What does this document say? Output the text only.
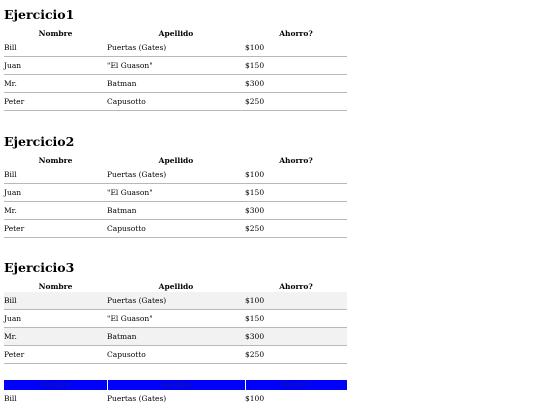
Ejercicio1
Nombre	Apellido	Ahorro?
Bill	Puertas (Gates)	$100
Juan	"El Guason"	$150
Mr.	Batman	$300
Peter	Capusotto	$250
Ejercicio2
Nombre	Apellido	Ahorro?
Bill	Puertas (Gates)	$100
Juan	"El Guason"	$150
Mr.	Batman	$300
Peter	Capusotto	$250
Ejercicio3
Nombre	Apellido	Ahorro?
Bill	Puertas (Gates)	$100
Juan	"El Guason"	$150
Mr.	Batman	$300
Peter	Capusotto	$250
Nombre	Apellido	Ahorro?
Bill	Puertas (Gates)	$100
